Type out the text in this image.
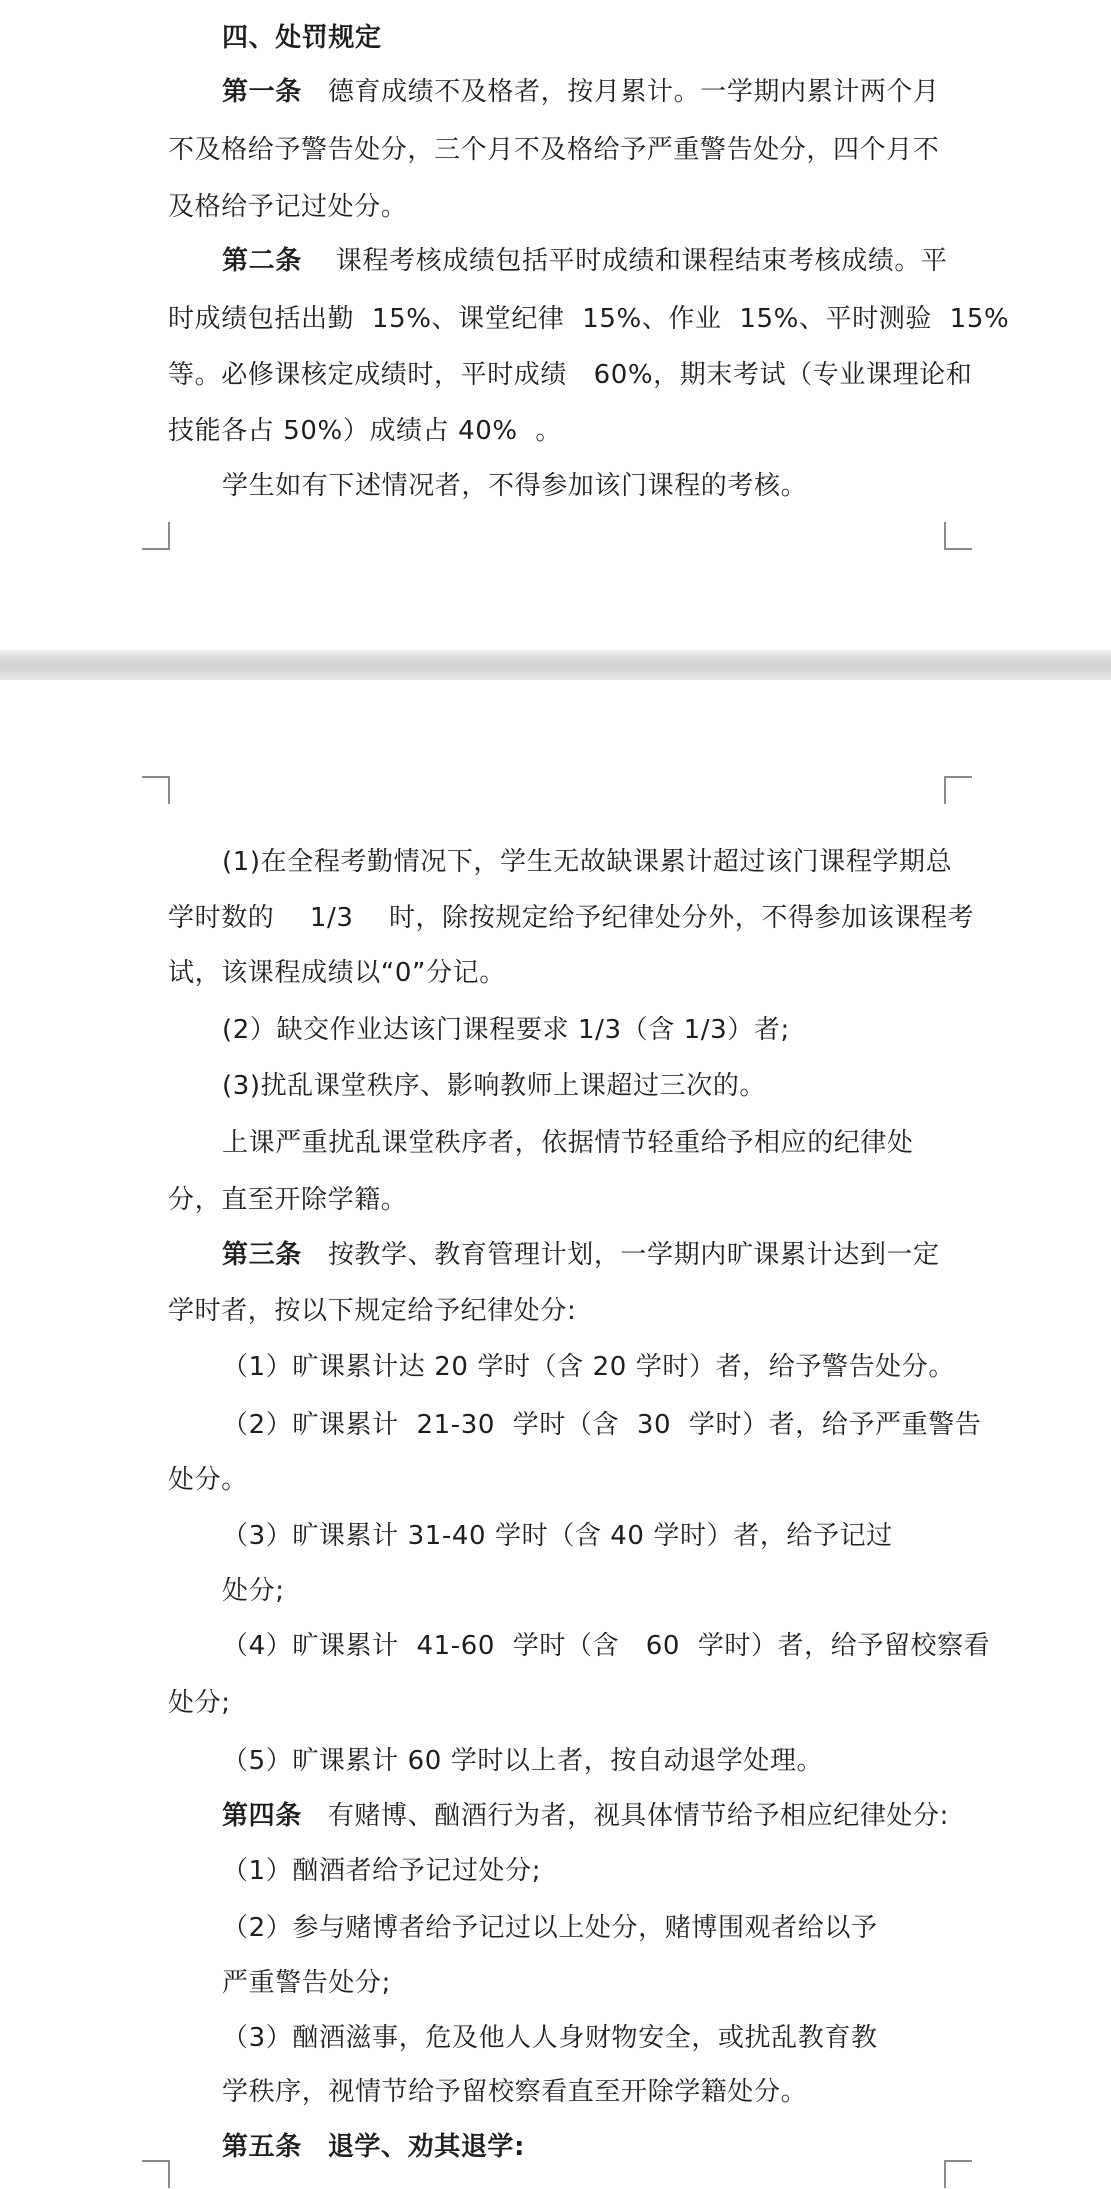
四、处罚规定
第一条 德育成绩不及格者，按月累计。一学期内累计两个月
不及格给予警告处分，三个月不及格给予严重警告处分，四个月不
及格给予记过处分。
第二条 课程考核成绩包括平时成绩和课程结束考核成绩。平
时成绩包括出勤  15%、课堂纪律  15%、作业  15%、平时测验  15%
等。必修课核定成绩时，平时成绩   60%，期末考试（专业课理论和
技能各占 50%）成绩占 40%  。
学生如有下述情况者，不得参加该门课程的考核。
(1)在全程考勤情况下，学生无故缺课累计超过该门课程学期总
学时数的    1/3    时，除按规定给予纪律处分外，不得参加该课程考
试，该课程成绩以“0”分记。
(2）缺交作业达该门课程要求 1/3（含 1/3）者;
(3)扰乱课堂秩序、影响教师上课超过三次的。
上课严重扰乱课堂秩序者，依据情节轻重给予相应的纪律处
分，直至开除学籍。
第三条 按教学、教育管理计划，一学期内旷课累计达到一定
学时者，按以下规定给予纪律处分:
（1）旷课累计达 20 学时（含 20 学时）者，给予警告处分。
（2）旷课累计  21-30  学时（含  30  学时）者，给予严重警告
处分。
（3）旷课累计 31-40 学时（含 40 学时）者，给予记过
处分;
（4）旷课累计  41-60  学时（含   60  学时）者，给予留校察看
处分;
（5）旷课累计 60 学时以上者，按自动退学处理。
第四条 有赌博、酗酒行为者，视具体情节给予相应纪律处分:
（1）酗酒者给予记过处分;
（2）参与赌博者给予记过以上处分，赌博围观者给以予
严重警告处分;
（3）酗酒滋事，危及他人人身财物安全，或扰乱教育教
学秩序，视情节给予留校察看直至开除学籍处分。
第五条 退学、劝其退学:
